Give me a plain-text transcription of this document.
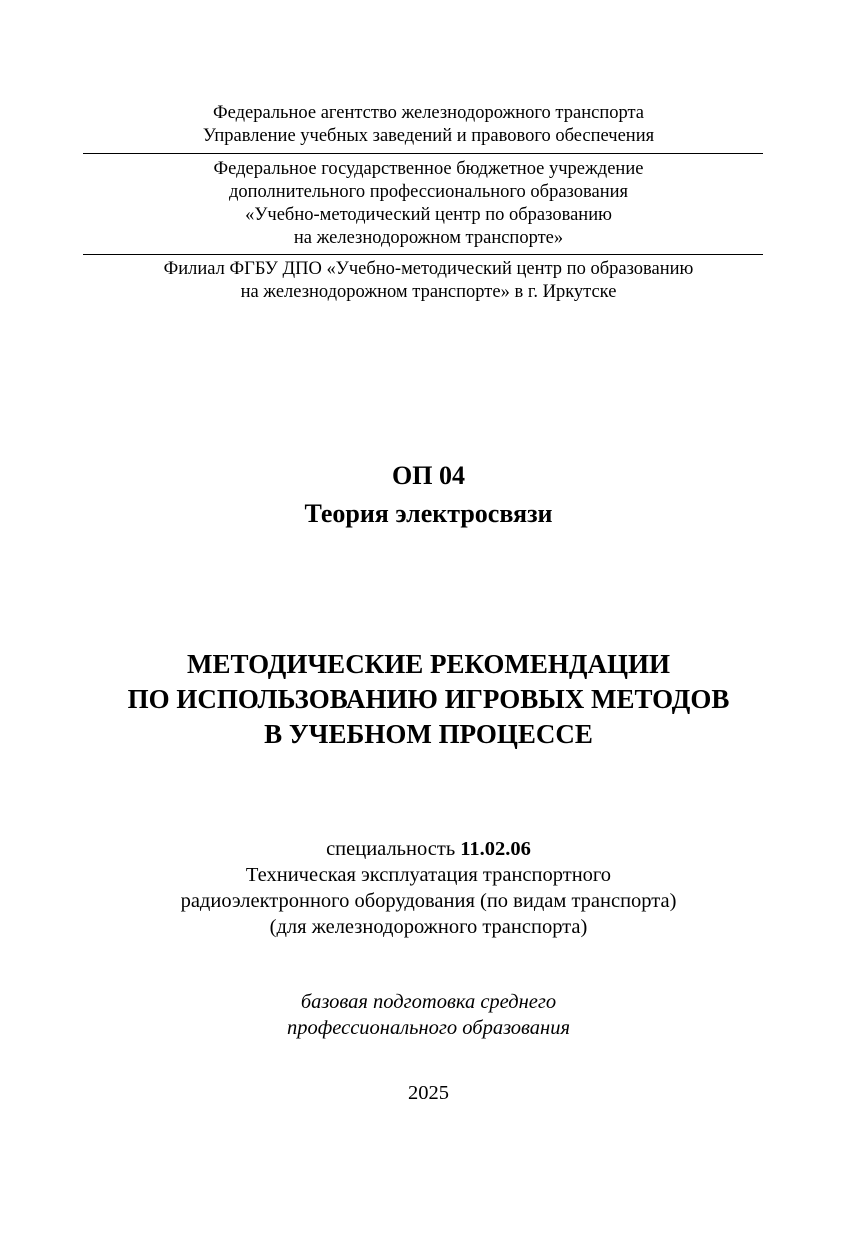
Федеральное агентство железнодорожного транспорта
Управление учебных заведений и правового обеспечения
Федеральное государственное бюджетное учреждение
дополнительного профессионального образования
«Учебно-методический центр по образованию
на железнодорожном транспорте»
Филиал ФГБУ ДПО «Учебно-методический центр по образованию
на железнодорожном транспорте» в г. Иркутске
ОП 04
Теория электросвязи
МЕТОДИЧЕСКИЕ РЕКОМЕНДАЦИИ
ПО ИСПОЛЬЗОВАНИЮ ИГРОВЫХ МЕТОДОВ
В УЧЕБНОМ ПРОЦЕССЕ
специальность 11.02.06
Техническая эксплуатация транспортного
радиоэлектронного оборудования (по видам транспорта)
(для железнодорожного транспорта)
базовая подготовка среднего
профессионального образования
2025
